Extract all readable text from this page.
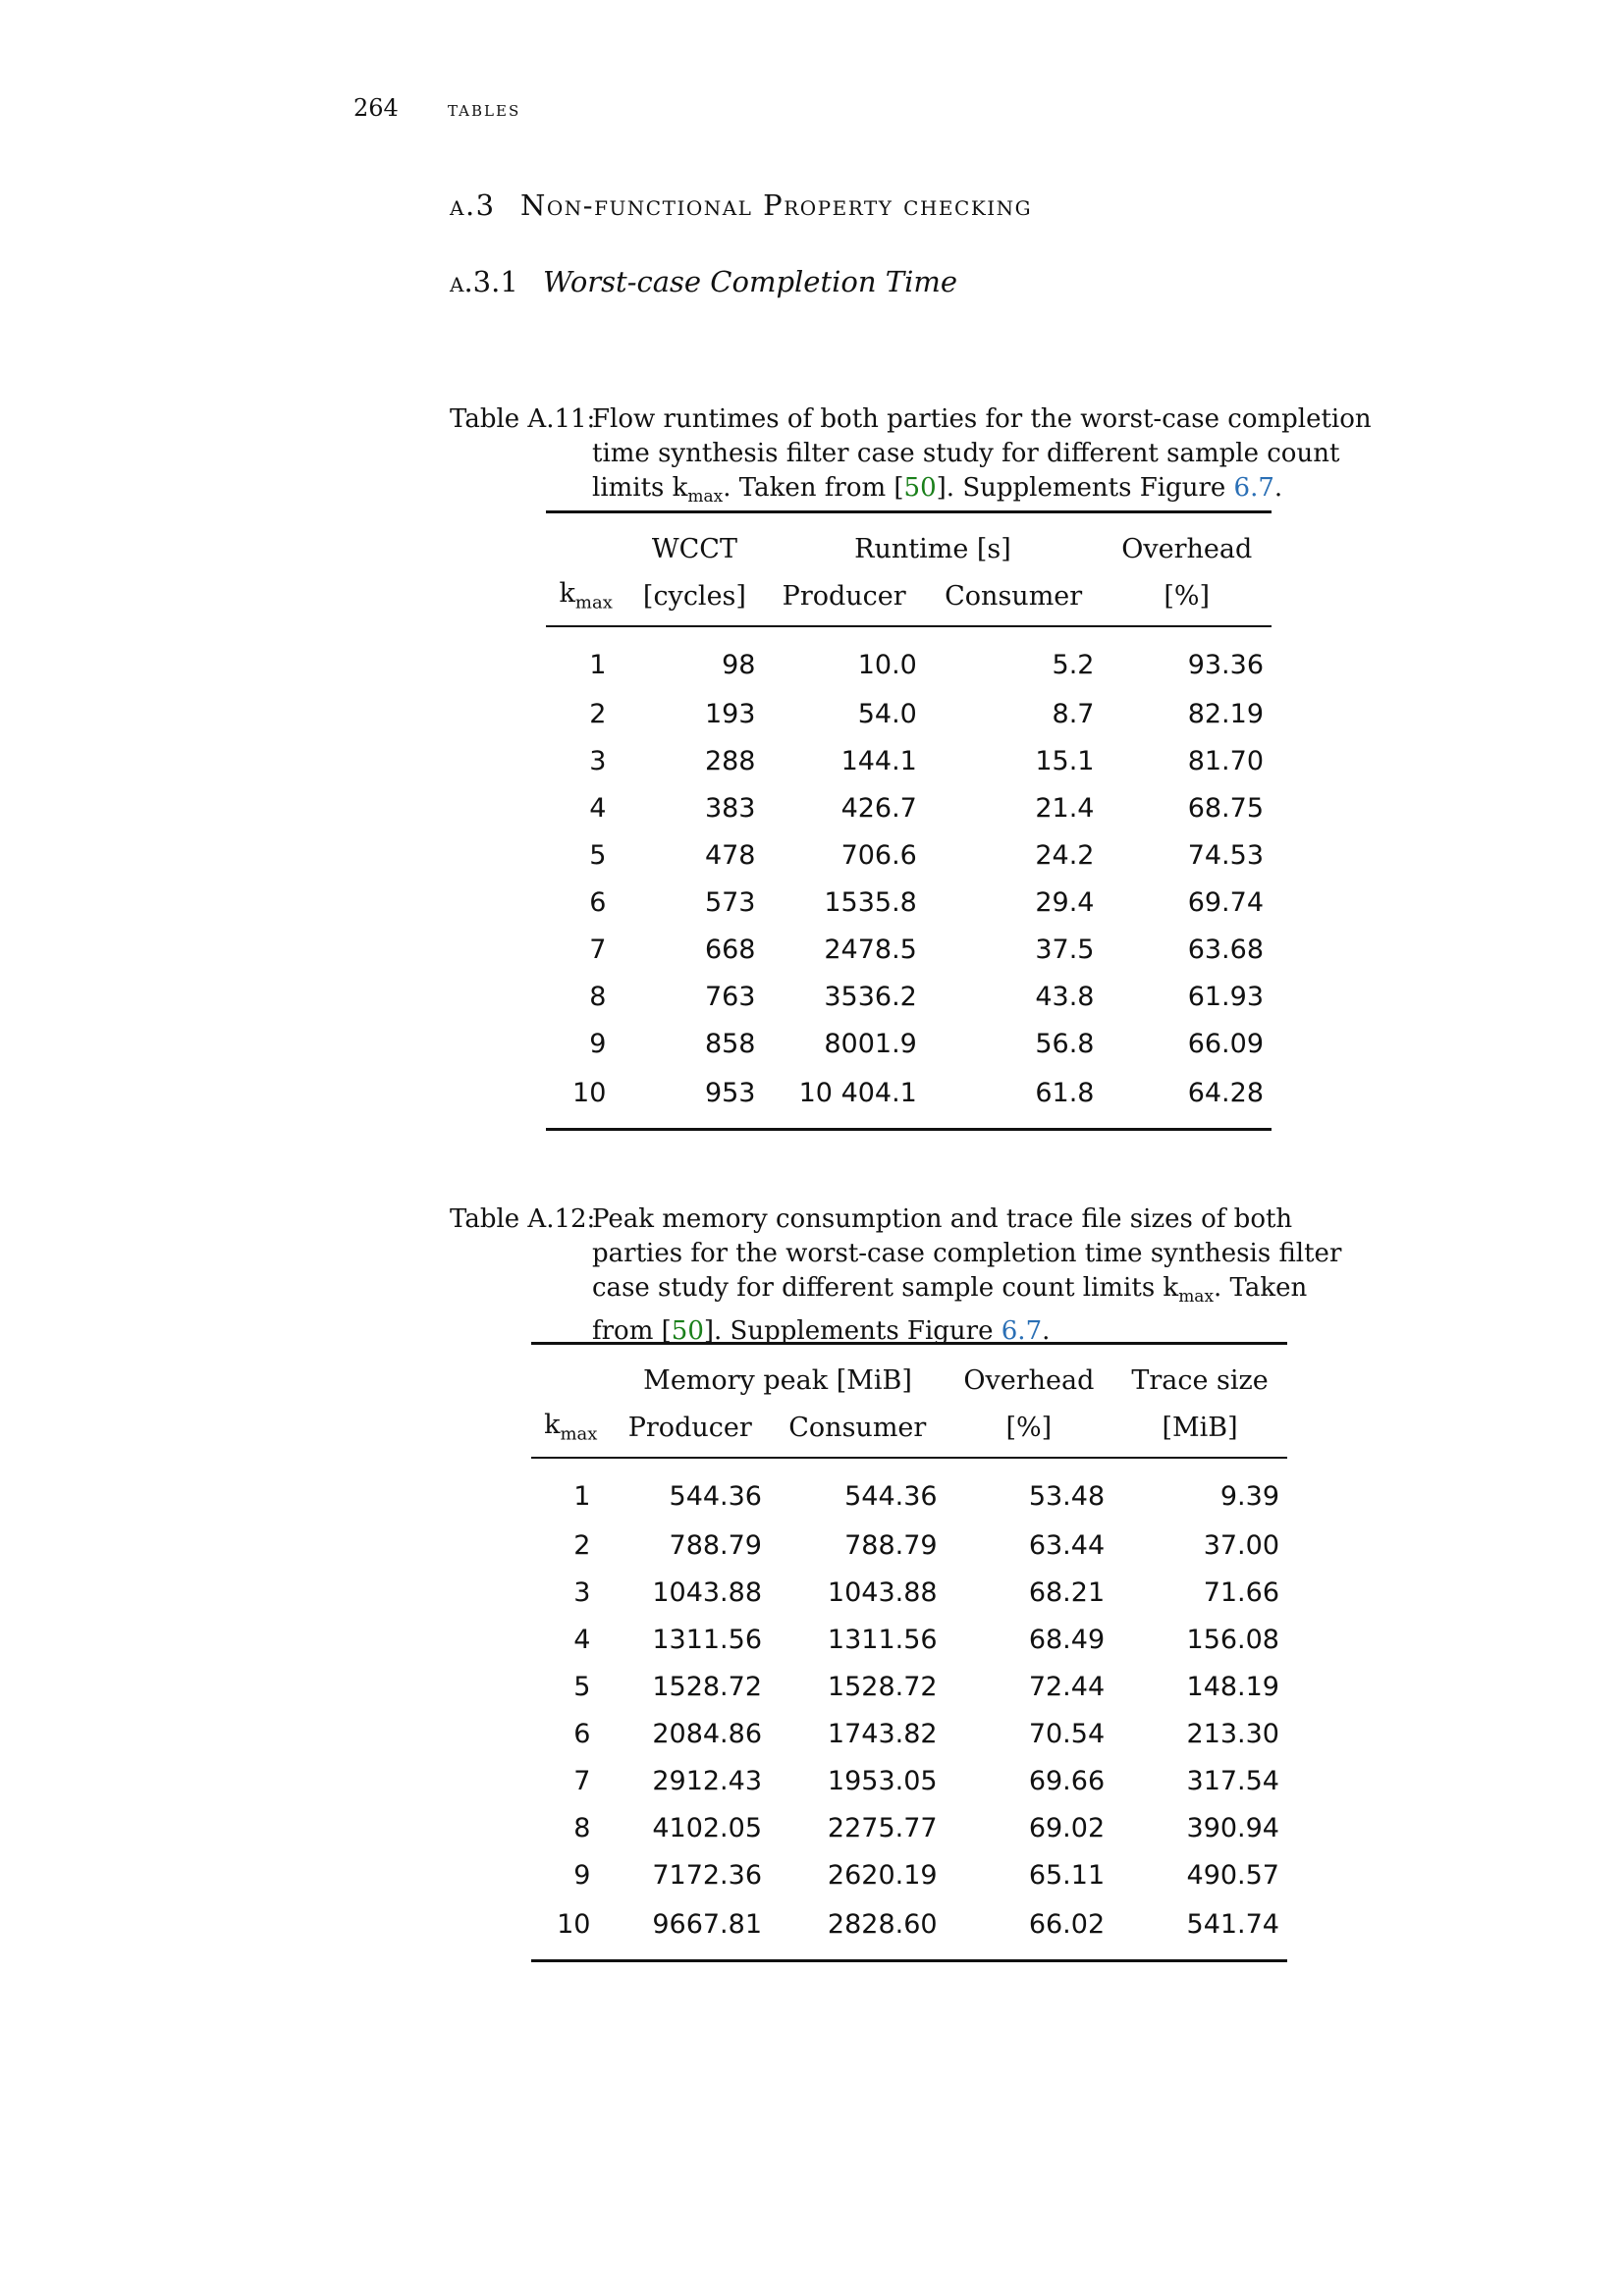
264 tables
a.3 Non-functional Property checking
a.3.1 Worst-case Completion Time
Table A.11:
Flow runtimes of both parties for the worst-case completion time synthesis filter case study for different sample count limits $k_{max}$. Taken from [50]. Supplements Figure 6.7.
	WCCT	Runtime [s]		Overhead
$k_{max}$	[cycles]	Producer	Consumer	[%]
1	98	10.0	5.2	93.36
2	193	54.0	8.7	82.19
3	288	144.1	15.1	81.70
4	383	426.7	21.4	68.75
5	478	706.6	24.2	74.53
6	573	1535.8	29.4	69.74
7	668	2478.5	37.5	63.68
8	763	3536.2	43.8	61.93
9	858	8001.9	56.8	66.09
10	953	10 404.1	61.8	64.28
Table A.12:
Peak memory consumption and trace file sizes of both parties for the worst-case completion time synthesis filter case study for different sample count limits $k_{max}$. Taken from [50]. Supplements Figure 6.7.
	Memory peak [MiB]		Overhead	Trace size
$k_{max}$	Producer	Consumer	[%]	[MiB]
1	544.36	544.36	53.48	9.39
2	788.79	788.79	63.44	37.00
3	1043.88	1043.88	68.21	71.66
4	1311.56	1311.56	68.49	156.08
5	1528.72	1528.72	72.44	148.19
6	2084.86	1743.82	70.54	213.30
7	2912.43	1953.05	69.66	317.54
8	4102.05	2275.77	69.02	390.94
9	7172.36	2620.19	65.11	490.57
10	9667.81	2828.60	66.02	541.74
